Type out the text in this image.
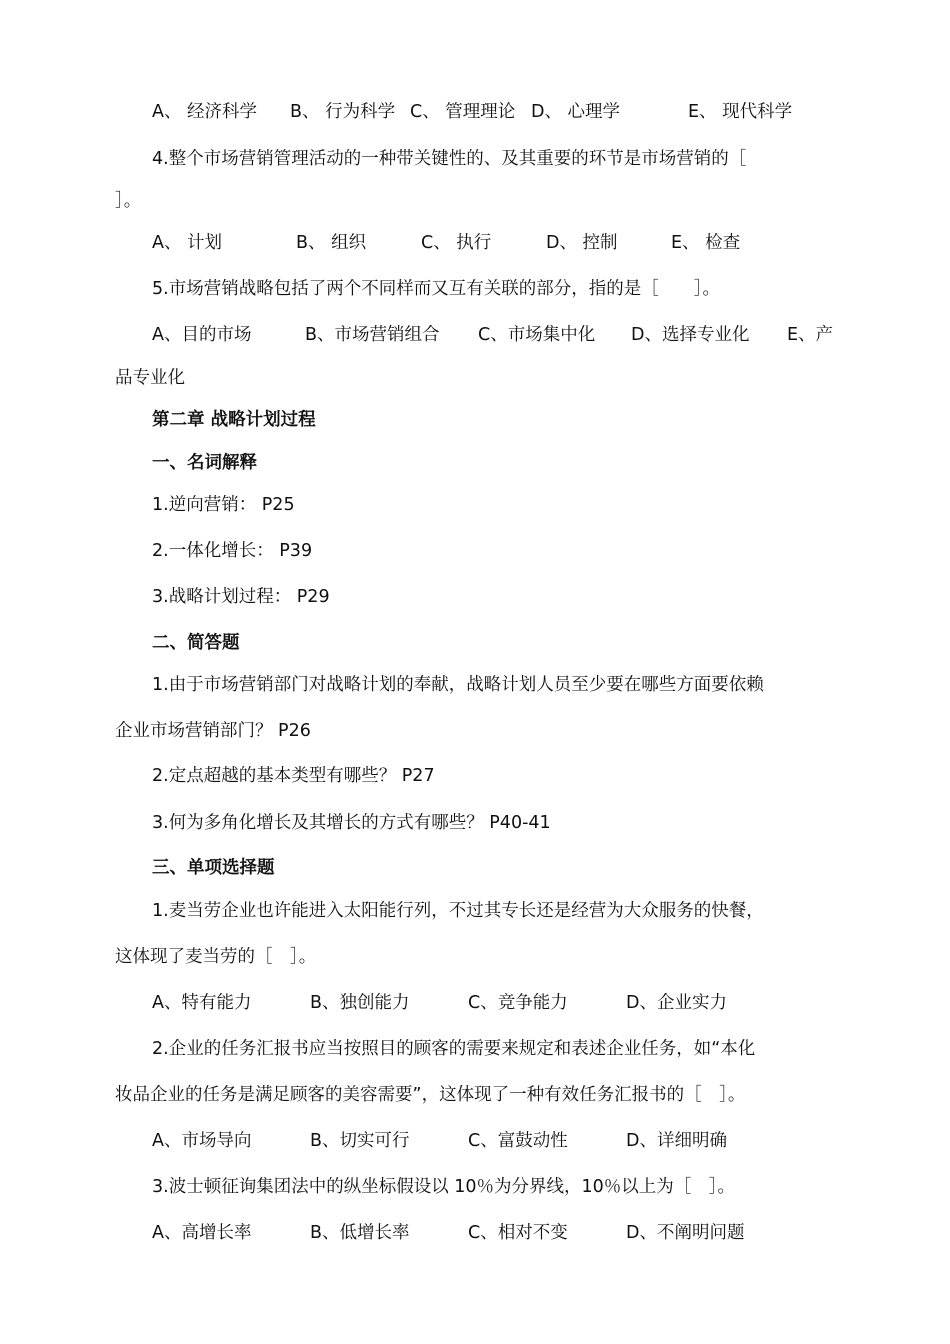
A、 经济科学 B、 行为科学 C、 管理理论 D、 心理学	E、 现代科学
4.整个市场营销管理活动的一种带关键性的、及其重要的环节是市场营销的［
］。
A、 计划	B、 组织	C、 执行	D、 控制	E、 检查
5.市场营销战略包括了两个不同样而又互有关联的部分，指的是［　　］。
A、目的市场	B、市场营销组合 C、市场集中化 D、选择专业化 E、产
品专业化
第二章 战略计划过程
一、名词解释
1.逆向营销： P25
2.一体化增长： P39
3.战略计划过程： P29
二、简答题
1.由于市场营销部门对战略计划的奉献，战略计划人员至少要在哪些方面要依赖
企业市场营销部门？ P26
2.定点超越的基本类型有哪些？ P27
3.何为多角化增长及其增长的方式有哪些？ P40-41
三、单项选择题
1.麦当劳企业也许能进入太阳能行列，不过其专长还是经营为大众服务的快餐，
这体现了麦当劳的［　］。
A、特有能力	B、独创能力	C、竞争能力	D、企业实力
2.企业的任务汇报书应当按照目的顾客的需要来规定和表述企业任务，如“本化
妆品企业的任务是满足顾客的美容需要”，这体现了一种有效任务汇报书的［　］。
A、市场导向	B、切实可行	C、富鼓动性	D、详细明确
3.波士顿征询集团法中的纵坐标假设以 10％为分界线，10％以上为［　］。
A、高增长率	B、低增长率	C、相对不变	D、不阐明问题
